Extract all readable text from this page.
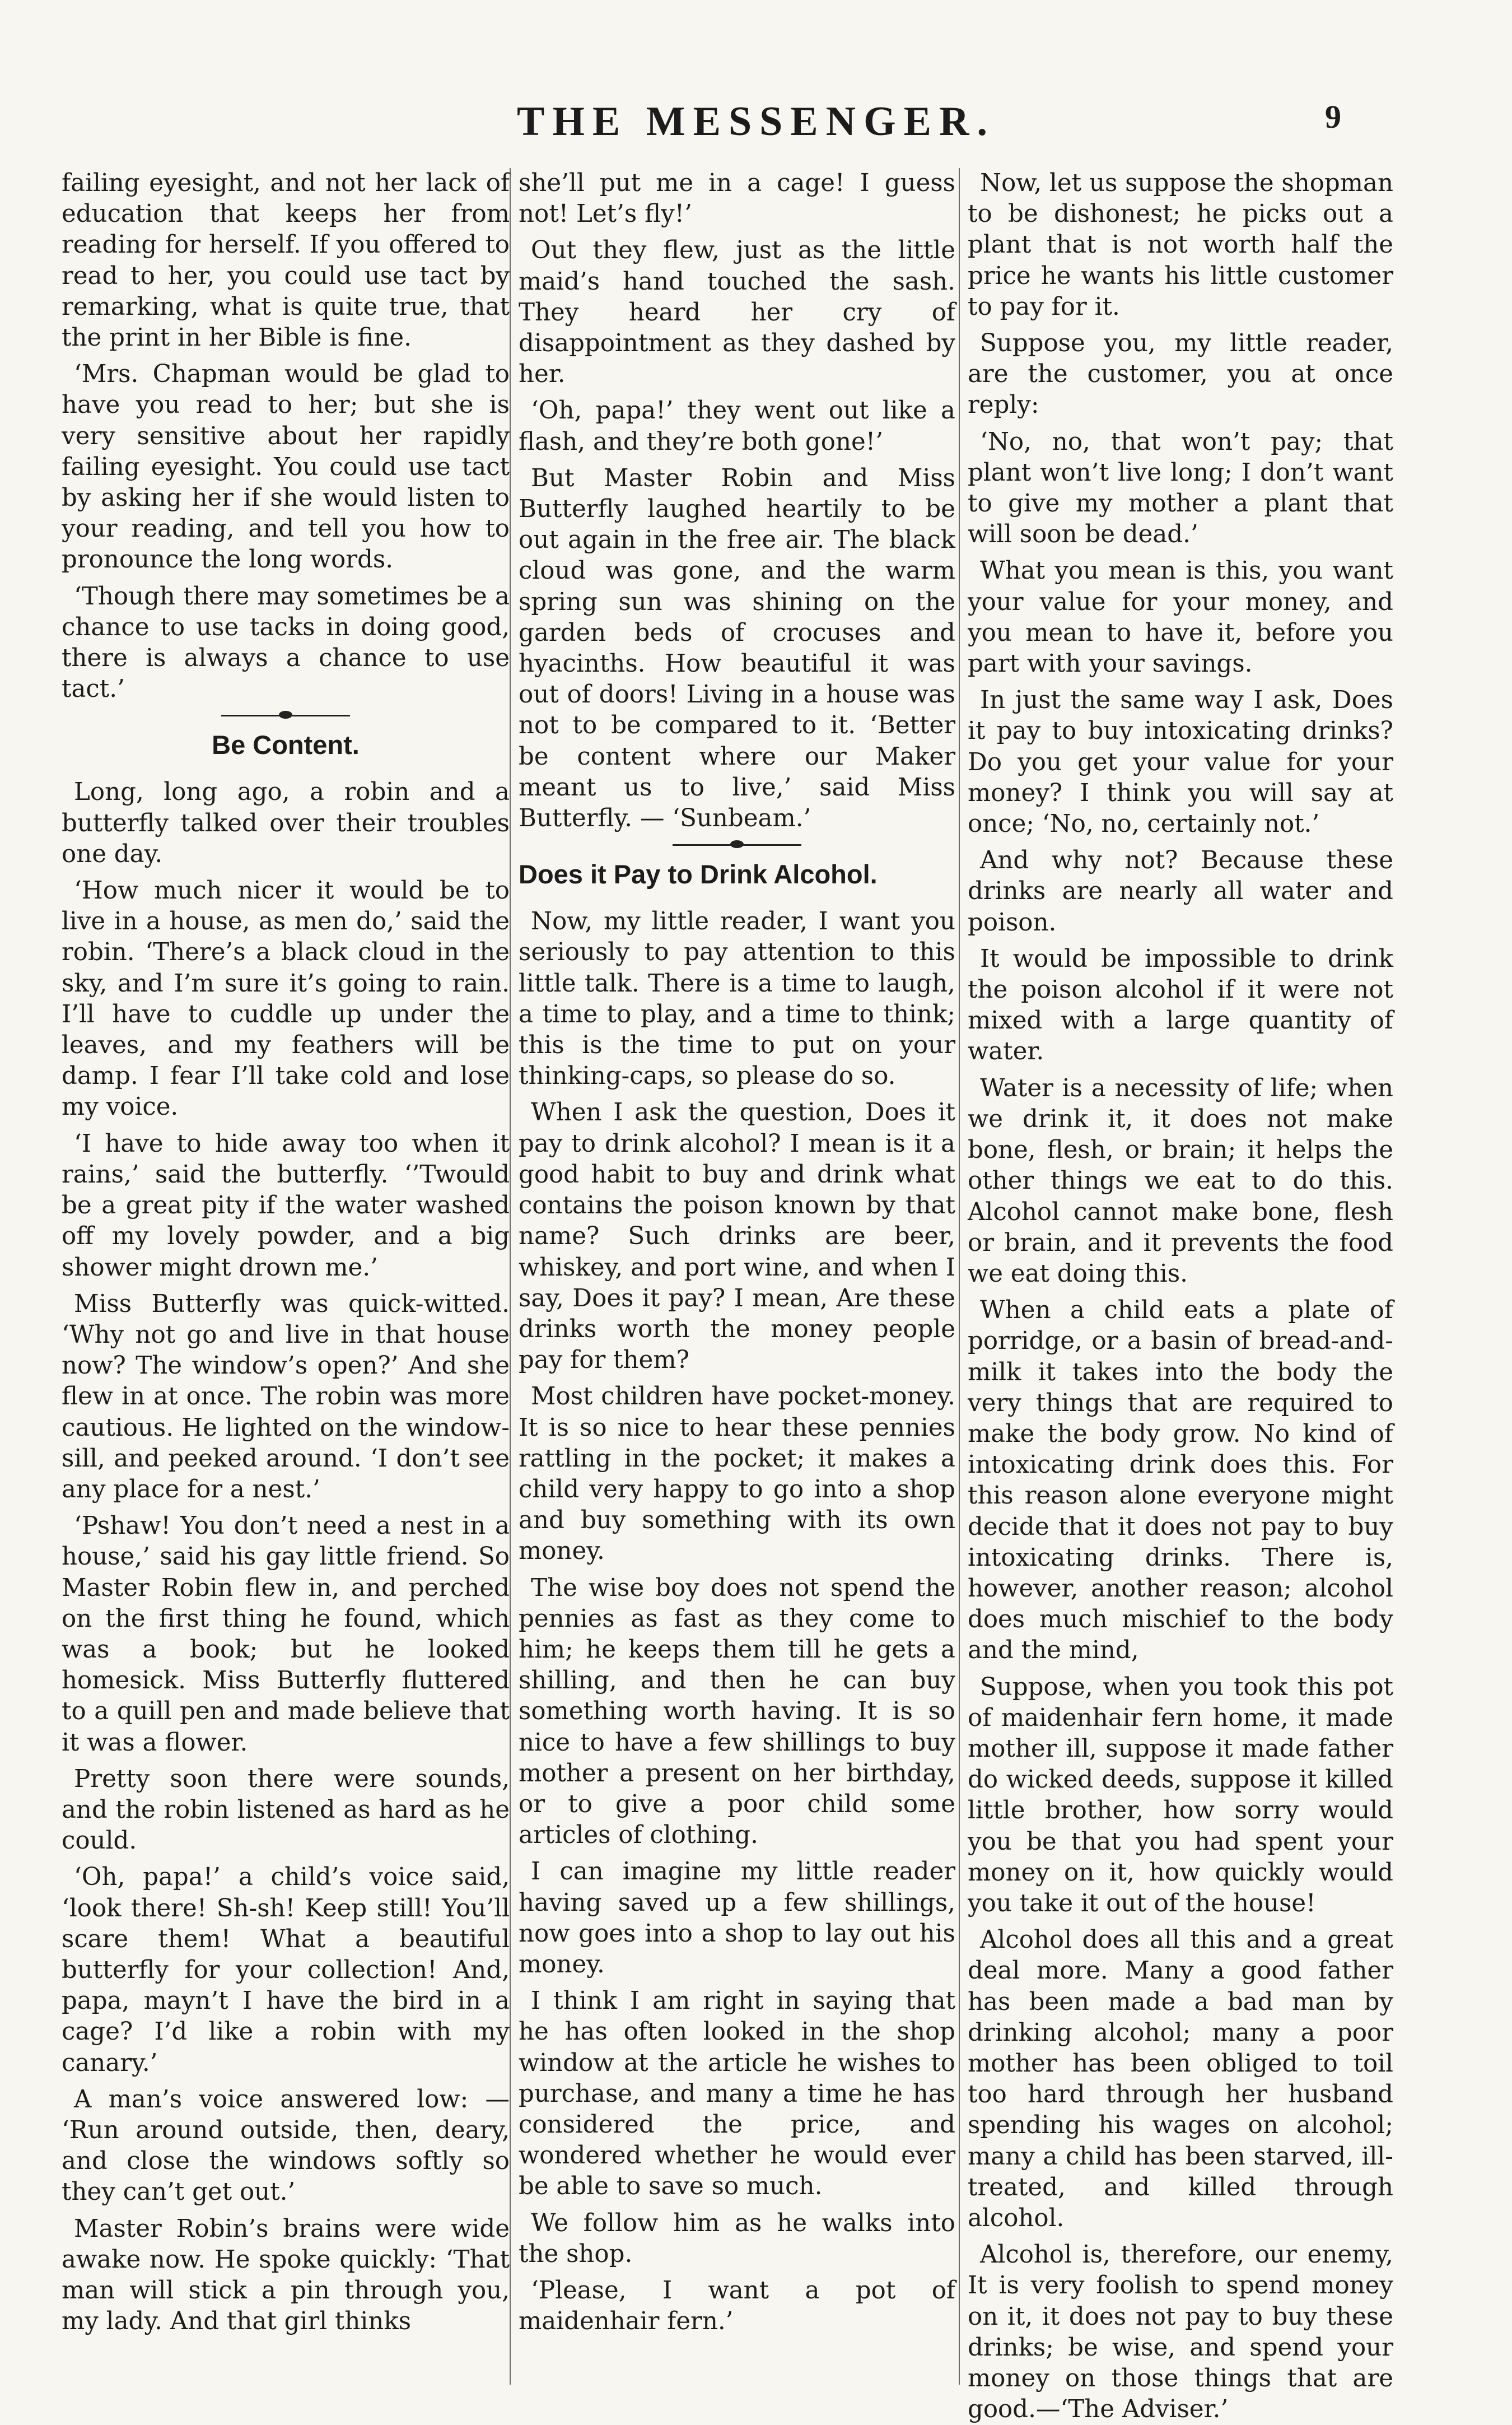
THE MESSENGER.	9

failing eyesight, and not her lack of education that keeps her from reading for herself. If you offered to read to her, you could use tact by remarking, what is quite true, that the print in her Bible is fine.

‘Mrs. Chapman would be glad to have you read to her; but she is very sensitive about her rapidly failing eyesight. You could use tact by asking her if she would listen to your reading, and tell you how to pronounce the long words.

‘Though there may sometimes be a chance to use tacks in doing good, there is always a chance to use tact.’

Be Content.

Long, long ago, a robin and a butterfly talked over their troubles one day.

‘How much nicer it would be to live in a house, as men do,’ said the robin. ‘There’s a black cloud in the sky, and I’m sure it’s going to rain. I’ll have to cuddle up under the leaves, and my feathers will be damp. I fear I’ll take cold and lose my voice.

‘I have to hide away too when it rains,’ said the butterfly. ‘’Twould be a great pity if the water washed off my lovely powder, and a big shower might drown me.’

Miss Butterfly was quick-witted. ‘Why not go and live in that house now? The window’s open?’ And she flew in at once. The robin was more cautious. He lighted on the window-sill, and peeked around. ‘I don’t see any place for a nest.’

‘Pshaw! You don’t need a nest in a house,’ said his gay little friend. So Master Robin flew in, and perched on the first thing he found, which was a book; but he looked homesick. Miss Butterfly fluttered to a quill pen and made believe that it was a flower.

Pretty soon there were sounds, and the robin listened as hard as he could.

‘Oh, papa!’ a child’s voice said, ‘look there! Sh-sh! Keep still! You’ll scare them! What a beautiful butterfly for your collection! And, papa, mayn’t I have the bird in a cage? I’d like a robin with my canary.’

A man’s voice answered low: — ‘Run around outside, then, deary, and close the windows softly so they can’t get out.’

Master Robin’s brains were wide awake now. He spoke quickly: ‘That man will stick a pin through you, my lady. And that girl thinks

she’ll put me in a cage! I guess not! Let’s fly!’

Out they flew, just as the little maid’s hand touched the sash. They heard her cry of disappointment as they dashed by her.

‘Oh, papa!’ they went out like a flash, and they’re both gone!’

But Master Robin and Miss Butterfly laughed heartily to be out again in the free air. The black cloud was gone, and the warm spring sun was shining on the garden beds of crocuses and hyacinths. How beautiful it was out of doors! Living in a house was not to be compared to it. ‘Better be content where our Maker meant us to live,’ said Miss Butterfly. — ‘Sunbeam.’

Does it Pay to Drink Alcohol.

Now, my little reader, I want you seriously to pay attention to this little talk. There is a time to laugh, a time to play, and a time to think; this is the time to put on your thinking-caps, so please do so.

When I ask the question, Does it pay to drink alcohol? I mean is it a good habit to buy and drink what contains the poison known by that name? Such drinks are beer, whiskey, and port wine, and when I say, Does it pay? I mean, Are these drinks worth the money people pay for them?

Most children have pocket-money. It is so nice to hear these pennies rattling in the pocket; it makes a child very happy to go into a shop and buy something with its own money.

The wise boy does not spend the pennies as fast as they come to him; he keeps them till he gets a shilling, and then he can buy something worth having. It is so nice to have a few shillings to buy mother a present on her birthday, or to give a poor child some articles of clothing.

I can imagine my little reader having saved up a few shillings, now goes into a shop to lay out his money.

I think I am right in saying that he has often looked in the shop window at the article he wishes to purchase, and many a time he has considered the price, and wondered whether he would ever be able to save so much.

We follow him as he walks into the shop.

‘Please, I want a pot of maidenhair fern.’

Now, let us suppose the shopman to be dishonest; he picks out a plant that is not worth half the price he wants his little customer to pay for it.

Suppose you, my little reader, are the customer, you at once reply:

‘No, no, that won’t pay; that plant won’t live long; I don’t want to give my mother a plant that will soon be dead.’

What you mean is this, you want your value for your money, and you mean to have it, before you part with your savings.

In just the same way I ask, Does it pay to buy intoxicating drinks? Do you get your value for your money? I think you will say at once; ‘No, no, certainly not.’

And why not? Because these drinks are nearly all water and poison.

It would be impossible to drink the poison alcohol if it were not mixed with a large quantity of water.

Water is a necessity of life; when we drink it, it does not make bone, flesh, or brain; it helps the other things we eat to do this. Alcohol cannot make bone, flesh or brain, and it prevents the food we eat doing this.

When a child eats a plate of porridge, or a basin of bread-and-milk it takes into the body the very things that are required to make the body grow. No kind of intoxicating drink does this. For this reason alone everyone might decide that it does not pay to buy intoxicating drinks. There is, however, another reason; alcohol does much mischief to the body and the mind,

Suppose, when you took this pot of maidenhair fern home, it made mother ill, suppose it made father do wicked deeds, suppose it killed little brother, how sorry would you be that you had spent your money on it, how quickly would you take it out of the house!

Alcohol does all this and a great deal more. Many a good father has been made a bad man by drinking alcohol; many a poor mother has been obliged to toil too hard through her husband spending his wages on alcohol; many a child has been starved, ill-treated, and killed through alcohol.

Alcohol is, therefore, our enemy, It is very foolish to spend money on it, it does not pay to buy these drinks; be wise, and spend your money on those things that are good.—‘The Adviser.’
